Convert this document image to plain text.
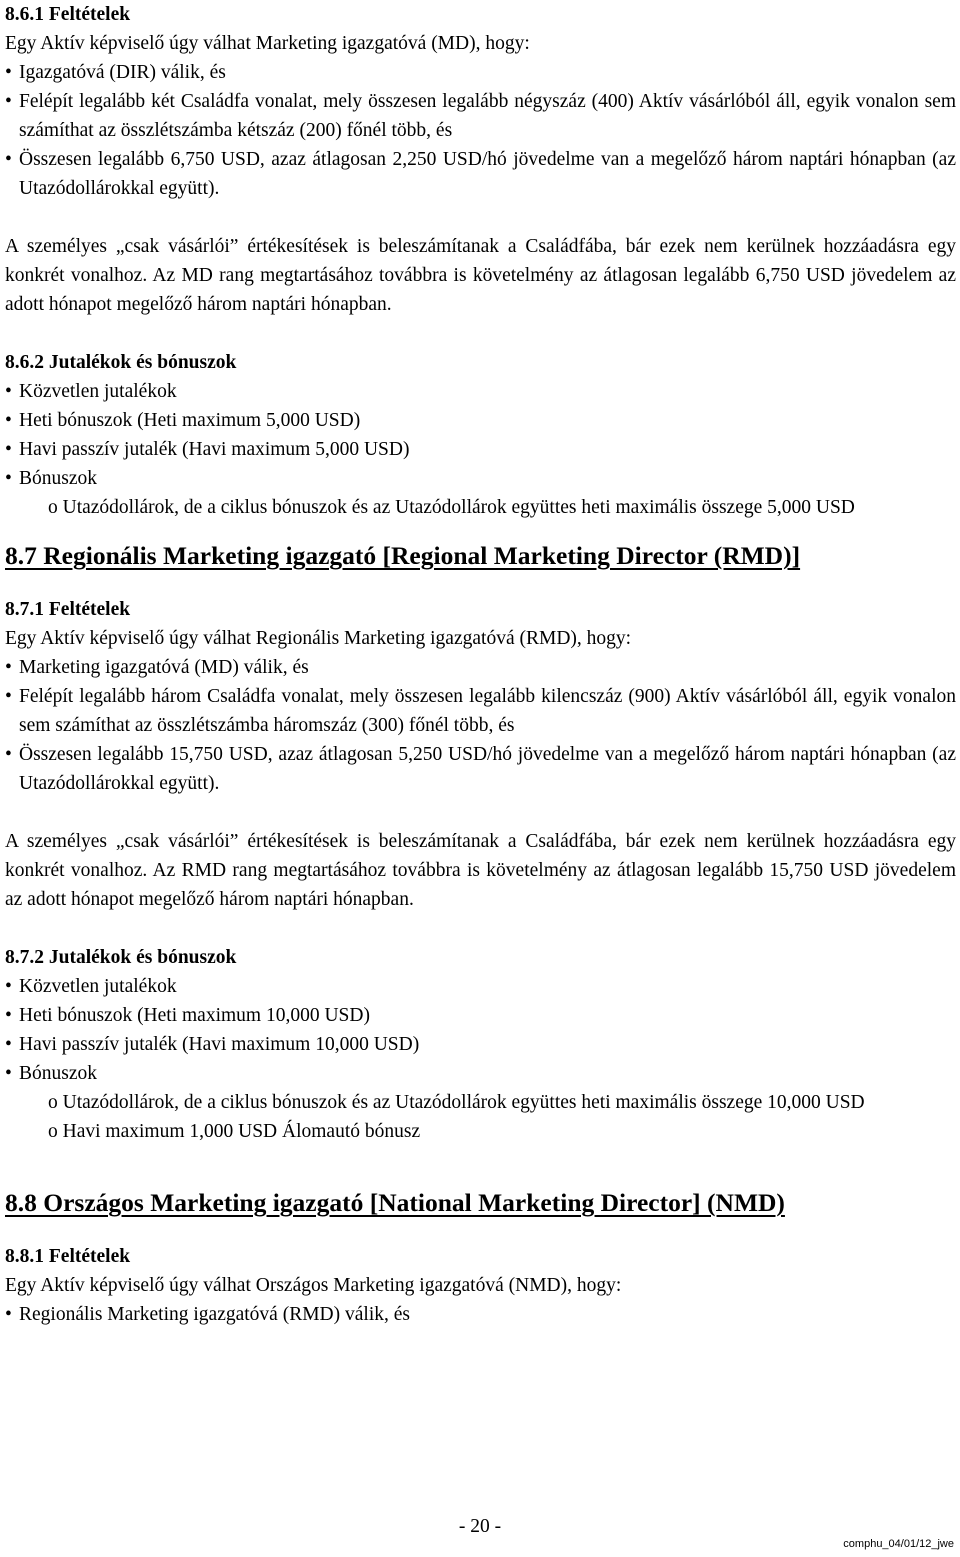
8.6.1 Feltételek

Egy Aktív képviselő úgy válhat Marketing igazgatóvá (MD), hogy:

• Igazgatóvá (DIR) válik, és

• Felépít legalább két Családfa vonalat, mely összesen legalább négyszáz (400) Aktív vásárlóból áll, egyik vonalon sem számíthat az összlétszámba kétszáz (200) főnél több, és

• Összesen legalább 6,750 USD, azaz átlagosan 2,250 USD/hó jövedelme van a megelőző három naptári hónapban (az Utazódollárokkal együtt).

A személyes „csak vásárlói” értékesítések is beleszámítanak a Családfába, bár ezek nem kerülnek hozzáadásra egy konkrét vonalhoz. Az MD rang megtartásához továbbra is követelmény az átlagosan legalább 6,750 USD jövedelem az adott hónapot megelőző három naptári hónapban.

8.6.2 Jutalékok és bónuszok

• Közvetlen jutalékok

• Heti bónuszok (Heti maximum 5,000 USD)

• Havi passzív jutalék (Havi maximum 5,000 USD)

• Bónuszok

o Utazódollárok, de a ciklus bónuszok és az Utazódollárok együttes heti maximális összege 5,000 USD

8.7 Regionális Marketing igazgató [Regional Marketing Director (RMD)]

8.7.1 Feltételek

Egy Aktív képviselő úgy válhat Regionális Marketing igazgatóvá (RMD), hogy:

• Marketing igazgatóvá (MD) válik, és

• Felépít legalább három Családfa vonalat, mely összesen legalább kilencszáz (900) Aktív vásárlóból áll, egyik vonalon sem számíthat az összlétszámba háromszáz (300) főnél több, és

• Összesen legalább 15,750 USD, azaz átlagosan 5,250 USD/hó jövedelme van a megelőző három naptári hónapban (az Utazódollárokkal együtt).

A személyes „csak vásárlói” értékesítések is beleszámítanak a Családfába, bár ezek nem kerülnek hozzáadásra egy konkrét vonalhoz. Az RMD rang megtartásához továbbra is követelmény az átlagosan legalább 15,750 USD jövedelem az adott hónapot megelőző három naptári hónapban.

8.7.2 Jutalékok és bónuszok

• Közvetlen jutalékok

• Heti bónuszok (Heti maximum 10,000 USD)

• Havi passzív jutalék (Havi maximum 10,000 USD)

• Bónuszok

o Utazódollárok, de a ciklus bónuszok és az Utazódollárok együttes heti maximális összege 10,000 USD

o Havi maximum 1,000 USD Álomautó bónusz

8.8 Országos Marketing igazgató [National Marketing Director] (NMD)

8.8.1 Feltételek

Egy Aktív képviselő úgy válhat Országos Marketing igazgatóvá (NMD), hogy:

• Regionális Marketing igazgatóvá (RMD) válik, és

- 20 -
comphu_04/01/12_jwe
